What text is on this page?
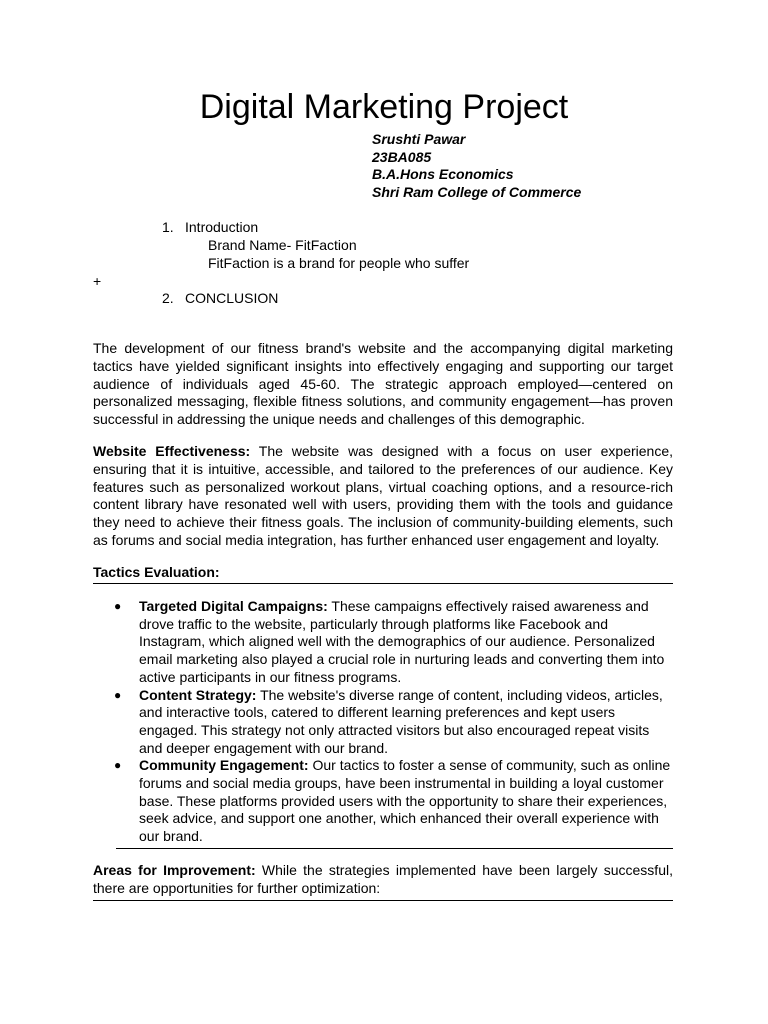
Digital Marketing Project
Srushti Pawar
23BA085
B.A.Hons Economics
Shri Ram College of Commerce
1. Introduction
Brand Name- FitFaction
FitFaction is a brand for people who suffer
+
2. CONCLUSION

The development of our fitness brand's website and the accompanying digital marketing tactics have yielded significant insights into effectively engaging and supporting our target audience of individuals aged 45-60. The strategic approach employed—centered on personalized messaging, flexible fitness solutions, and community engagement—has proven successful in addressing the unique needs and challenges of this demographic.

Website Effectiveness: The website was designed with a focus on user experience, ensuring that it is intuitive, accessible, and tailored to the preferences of our audience. Key features such as personalized workout plans, virtual coaching options, and a resource-rich content library have resonated well with users, providing them with the tools and guidance they need to achieve their fitness goals. The inclusion of community-building elements, such as forums and social media integration, has further enhanced user engagement and loyalty.

Tactics Evaluation:
● Targeted Digital Campaigns: These campaigns effectively raised awareness and drove traffic to the website, particularly through platforms like Facebook and Instagram, which aligned well with the demographics of our audience. Personalized email marketing also played a crucial role in nurturing leads and converting them into active participants in our fitness programs.
● Content Strategy: The website's diverse range of content, including videos, articles, and interactive tools, catered to different learning preferences and kept users engaged. This strategy not only attracted visitors but also encouraged repeat visits and deeper engagement with our brand.
● Community Engagement: Our tactics to foster a sense of community, such as online forums and social media groups, have been instrumental in building a loyal customer base. These platforms provided users with the opportunity to share their experiences, seek advice, and support one another, which enhanced their overall experience with our brand.

Areas for Improvement: While the strategies implemented have been largely successful, there are opportunities for further optimization:
